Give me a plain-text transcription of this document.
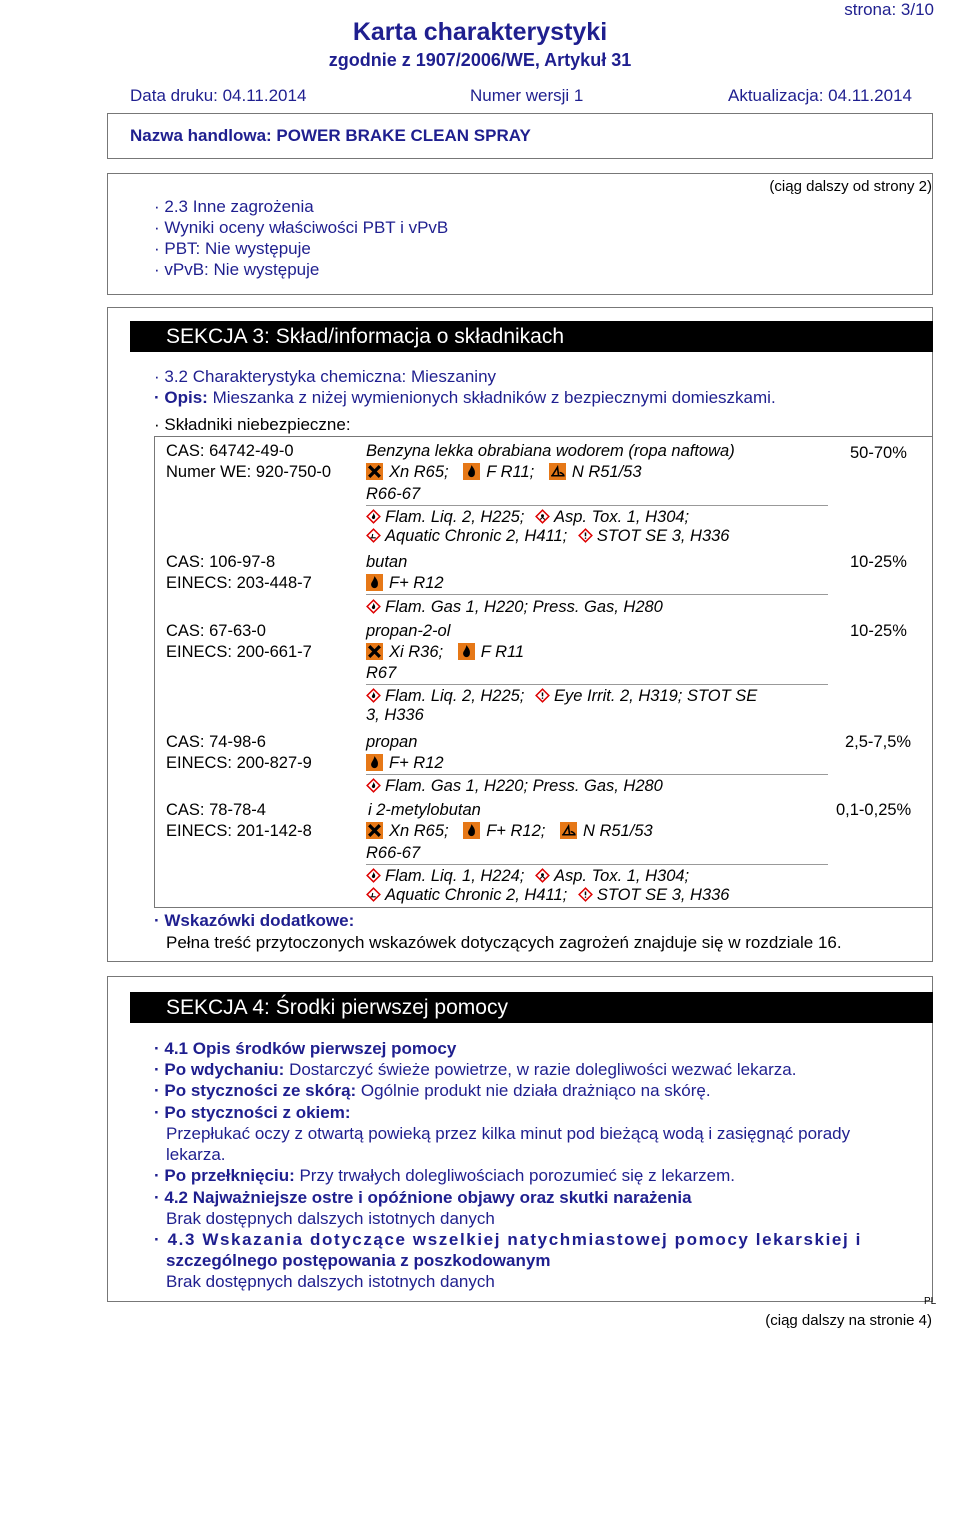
strona: 3/10
Karta charakterystyki
zgodnie z 1907/2006/WE, Artykuł 31
Data druku: 04.11.2014	Numer wersji 1	Aktualizacja: 04.11.2014
Nazwa handlowa: POWER BRAKE CLEAN SPRAY
(ciąg dalszy od strony 2)
· 2.3 Inne zagrożenia
· Wyniki oceny właściwości PBT i vPvB
· PBT: Nie występuje
· vPvB: Nie występuje
SEKCJA 3: Skład/informacja o składnikach
· 3.2 Charakterystyka chemiczna: Mieszaniny
· Opis: Mieszanka z niżej wymienionych składników z bezpiecznymi domieszkami.
· Składniki niebezpieczne:
CAS: 64742-49-0
Numer WE: 920-750-0
Benzyna lekka obrabiana wodorem (ropa naftowa)
Xn R65; F R11; N R51/53
R66-67
Flam. Liq. 2, H225; Asp. Tox. 1, H304;
Aquatic Chronic 2, H411; STOT SE 3, H336
50-70%
CAS: 106-97-8
EINECS: 203-448-7
butan
F+ R12
Flam. Gas 1, H220; Press. Gas, H280
10-25%
CAS: 67-63-0
EINECS: 200-661-7
propan-2-ol
Xi R36; F R11
R67
Flam. Liq. 2, H225; Eye Irrit. 2, H319; STOT SE
3, H336
10-25%
CAS: 74-98-6
EINECS: 200-827-9
propan
F+ R12
Flam. Gas 1, H220; Press. Gas, H280
2,5-7,5%
CAS: 78-78-4
EINECS: 201-142-8
i 2-metylobutan
Xn R65; F+ R12; N R51/53
R66-67
Flam. Liq. 1, H224; Asp. Tox. 1, H304;
Aquatic Chronic 2, H411; STOT SE 3, H336
0,1-0,25%
· Wskazówki dodatkowe:
Pełna treść przytoczonych wskazówek dotyczących zagrożeń znajduje się w rozdziale 16.
SEKCJA 4: Środki pierwszej pomocy
· 4.1 Opis środków pierwszej pomocy
· Po wdychaniu: Dostarczyć świeże powietrze, w razie dolegliwości wezwać lekarza.
· Po styczności ze skórą: Ogólnie produkt nie działa drażniąco na skórę.
· Po styczności z okiem:
Przepłukać oczy z otwartą powieką przez kilka minut pod bieżącą wodą i zasięgnąć porady
lekarza.
· Po przełknięciu: Przy trwałych dolegliwościach porozumieć się z lekarzem.
· 4.2 Najważniejsze ostre i opóźnione objawy oraz skutki narażenia
Brak dostępnych dalszych istotnych danych
· 4.3 Wskazania dotyczące wszelkiej natychmiastowej pomocy lekarskiej i
szczególnego postępowania z poszkodowanym
Brak dostępnych dalszych istotnych danych
PL
(ciąg dalszy na stronie 4)
